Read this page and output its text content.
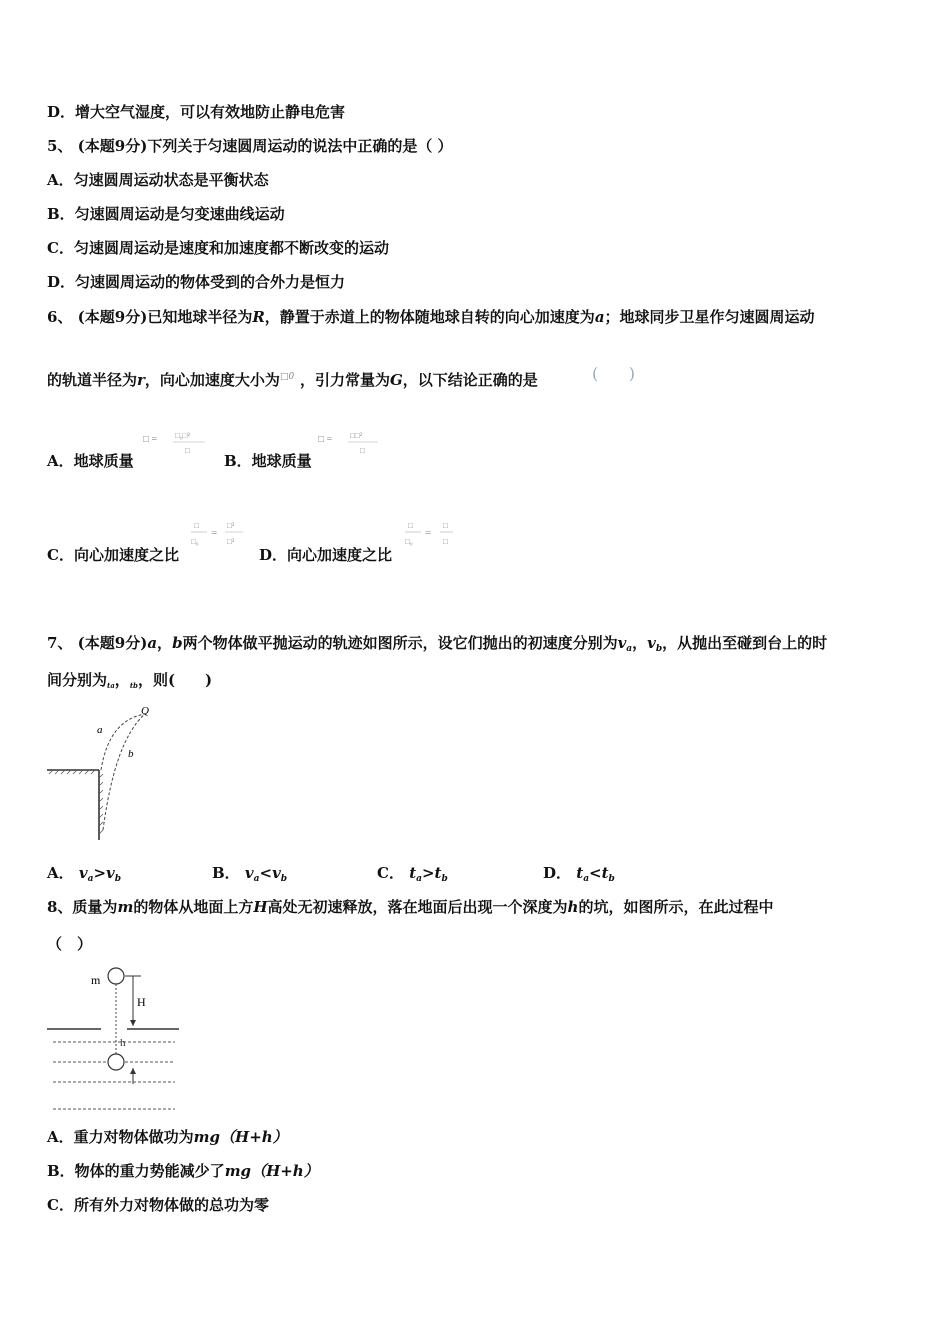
D．增大空气湿度，可以有效地防止静电危害
5、 (本题9分)下列关于匀速圆周运动的说法中正确的是（ ）
A．匀速圆周运动状态是平衡状态
B．匀速圆周运动是匀变速曲线运动
C．匀速圆周运动是速度和加速度都不断改变的运动
D．匀速圆周运动的物体受到的合外力是恒力
6、 (本题9分)已知地球半径为R，静置于赤道上的物体随地球自转的向心加速度为a；地球同步卫星作匀速圆周运动
的轨道半径为r，向心加速度大小为□0 ，引力常量为G，以下结论正确的是	(      )
A．地球质量
□ = □₀□²
□
B．地球质量
□ = □□²
□
C．向心加速度之比
□
□₀
=
□²
□²
D．向心加速度之比
□
□₀
=
□
□
7、 (本题9分)a，b两个物体做平抛运动的轨迹如图所示，设它们抛出的初速度分别为$v_a$，$v_b$，从抛出至碰到台上的时
间分别为$_{ta}$，$_{tb}$，则(　　)
Q
a
b
A． $v_a>v_b$	B． $v_a<v_b$	C． $t_a>t_b$	D． $t_a<t_b$
8、质量为m的物体从地面上方H高处无初速释放，落在地面后出现一个深度为h的坑，如图所示，在此过程中
（　）
m
H
h
A．重力对物体做功为mg（H+h）
B．物体的重力势能减少了mg（H+h）
C．所有外力对物体做的总功为零
